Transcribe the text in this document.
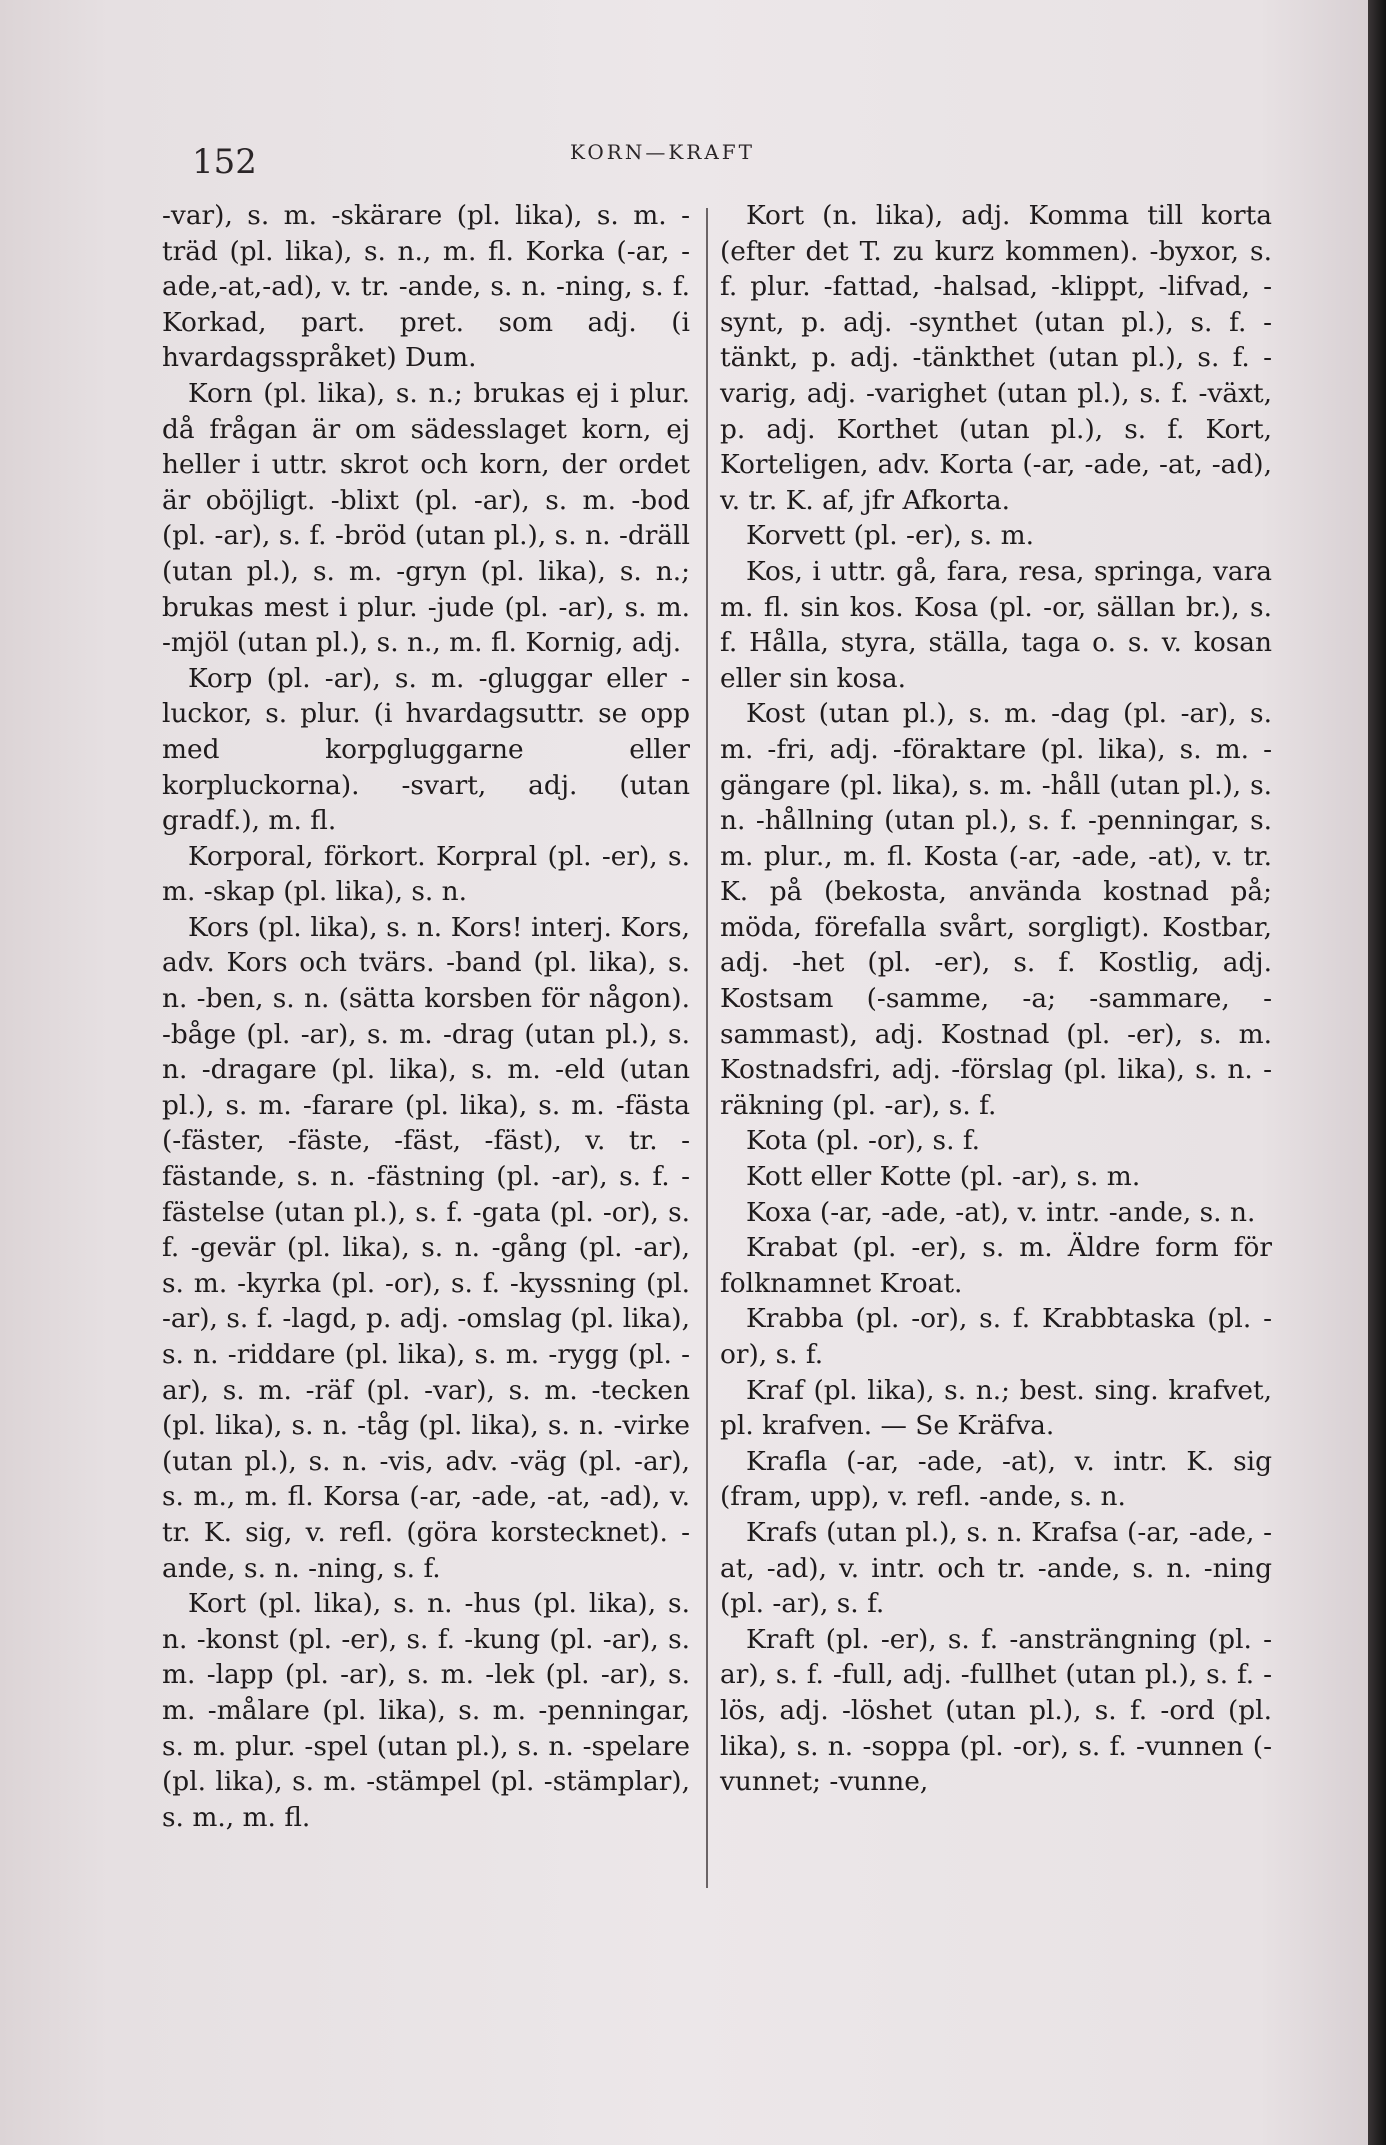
152	KORN—KRAFT

-var), s. m. -skärare (pl. lika), s. m. -träd (pl. lika), s. n., m. fl. Korka (-ar, -ade,-at,-ad), v. tr. -ande, s. n. -ning, s. f. Korkad, part. pret. som adj. (i hvardagsspråket) Dum.

Korn (pl. lika), s. n.; brukas ej i plur. då frågan är om sädesslaget korn, ej heller i uttr. skrot och korn, der ordet är oböjligt. -blixt (pl. -ar), s. m. -bod (pl. -ar), s. f. -bröd (utan pl.), s. n. -dräll (utan pl.), s. m. -gryn (pl. lika), s. n.; brukas mest i plur. -jude (pl. -ar), s. m. -mjöl (utan pl.), s. n., m. fl. Kornig, adj.

Korp (pl. -ar), s. m. -gluggar eller -luckor, s. plur. (i hvardagsuttr. se opp med korpgluggarne eller korpluckorna). -svart, adj. (utan gradf.), m. fl.

Korporal, förkort. Korpral (pl. -er), s. m. -skap (pl. lika), s. n.

Kors (pl. lika), s. n. Kors! interj. Kors, adv. Kors och tvärs. -band (pl. lika), s. n. -ben, s. n. (sätta korsben för någon). -båge (pl. -ar), s. m. -drag (utan pl.), s. n. -dragare (pl. lika), s. m. -eld (utan pl.), s. m. -farare (pl. lika), s. m. -fästa (-fäster, -fäste, -fäst, -fäst), v. tr. -fästande, s. n. -fästning (pl. -ar), s. f. -fästelse (utan pl.), s. f. -gata (pl. -or), s. f. -gevär (pl. lika), s. n. -gång (pl. -ar), s. m. -kyrka (pl. -or), s. f. -kyssning (pl. -ar), s. f. -lagd, p. adj. -omslag (pl. lika), s. n. -riddare (pl. lika), s. m. -rygg (pl. -ar), s. m. -räf (pl. -var), s. m. -tecken (pl. lika), s. n. -tåg (pl. lika), s. n. -virke (utan pl.), s. n. -vis, adv. -väg (pl. -ar), s. m., m. fl. Korsa (-ar, -ade, -at, -ad), v. tr. K. sig, v. refl. (göra korstecknet). -ande, s. n. -ning, s. f.

Kort (pl. lika), s. n. -hus (pl. lika), s. n. -konst (pl. -er), s. f. -kung (pl. -ar), s. m. -lapp (pl. -ar), s. m. -lek (pl. -ar), s. m. -målare (pl. lika), s. m. -penningar, s. m. plur. -spel (utan pl.), s. n. -spelare (pl. lika), s. m. -stämpel (pl. -stämplar), s. m., m. fl.

Kort (n. lika), adj. Komma till korta (efter det T. zu kurz kommen). -byxor, s. f. plur. -fattad, -halsad, -klippt, -lifvad, -synt, p. adj. -synthet (utan pl.), s. f. -tänkt, p. adj. -tänkthet (utan pl.), s. f. -varig, adj. -varighet (utan pl.), s. f. -växt, p. adj. Korthet (utan pl.), s. f. Kort, Korteligen, adv. Korta (-ar, -ade, -at, -ad), v. tr. K. af, jfr Afkorta.

Korvett (pl. -er), s. m.

Kos, i uttr. gå, fara, resa, springa, vara m. fl. sin kos. Kosa (pl. -or, sällan br.), s. f. Hålla, styra, ställa, taga o. s. v. kosan eller sin kosa.

Kost (utan pl.), s. m. -dag (pl. -ar), s. m. -fri, adj. -föraktare (pl. lika), s. m. -gängare (pl. lika), s. m. -håll (utan pl.), s. n. -hållning (utan pl.), s. f. -penningar, s. m. plur., m. fl. Kosta (-ar, -ade, -at), v. tr. K. på (bekosta, använda kostnad på; möda, förefalla svårt, sorgligt). Kostbar, adj. -het (pl. -er), s. f. Kostlig, adj. Kostsam (-samme, -a; -sammare, -sammast), adj. Kostnad (pl. -er), s. m. Kostnadsfri, adj. -förslag (pl. lika), s. n. -räkning (pl. -ar), s. f.

Kota (pl. -or), s. f.

Kott eller Kotte (pl. -ar), s. m.

Koxa (-ar, -ade, -at), v. intr. -ande, s. n.

Krabat (pl. -er), s. m. Äldre form för folknamnet Kroat.

Krabba (pl. -or), s. f. Krabbtaska (pl. -or), s. f.

Kraf (pl. lika), s. n.; best. sing. krafvet, pl. krafven. — Se Kräfva.

Krafla (-ar, -ade, -at), v. intr. K. sig (fram, upp), v. refl. -ande, s. n.

Krafs (utan pl.), s. n. Krafsa (-ar, -ade, -at, -ad), v. intr. och tr. -ande, s. n. -ning (pl. -ar), s. f.

Kraft (pl. -er), s. f. -ansträngning (pl. -ar), s. f. -full, adj. -fullhet (utan pl.), s. f. -lös, adj. -löshet (utan pl.), s. f. -ord (pl. lika), s. n. -soppa (pl. -or), s. f. -vunnen (-vunnet; -vunne,
